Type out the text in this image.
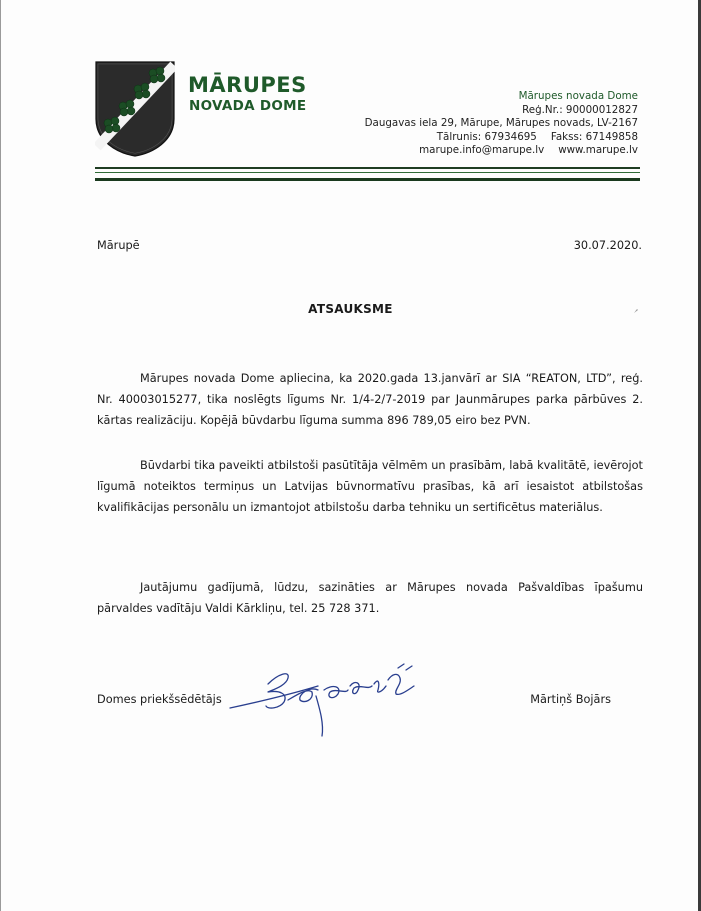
MĀRUPES
NOVADA DOME
Mārupes novada Dome
Reģ.Nr.: 90000012827
Daugavas iela 29, Mārupe, Mārupes novads, LV-2167
Tālrunis: 67934695 Fakss: 67149858
marupe.info@marupe.lv www.marupe.lv
Mārupē	30.07.2020.
ATSAUKSME
Mārupes novada Dome apliecina, ka 2020.gada 13.janvārī ar SIA “REATON, LTD”, reģ. Nr. 40003015277, tika noslēgts līgums Nr. 1/4-2/7-2019 par Jaunmārupes parka pārbūves 2. kārtas realizāciju. Kopējā būvdarbu līguma summa 896 789,05 eiro bez PVN.
Būvdarbi tika paveikti atbilstoši pasūtītāja vēlmēm un prasībām, labā kvalitātē, ievērojot līgumā noteiktos termiņus un Latvijas būvnormatīvu prasības, kā arī iesaistot atbilstošas kvalifikācijas personālu un izmantojot atbilstošu darba tehniku un sertificētus materiālus.
Jautājumu gadījumā, lūdzu, sazināties ar Mārupes novada Pašvaldības īpašumu pārvaldes vadītāju Valdi Kārkliņu, tel. 25 728 371.
Domes priekšsēdētājs	Mārtiņš Bojārs
